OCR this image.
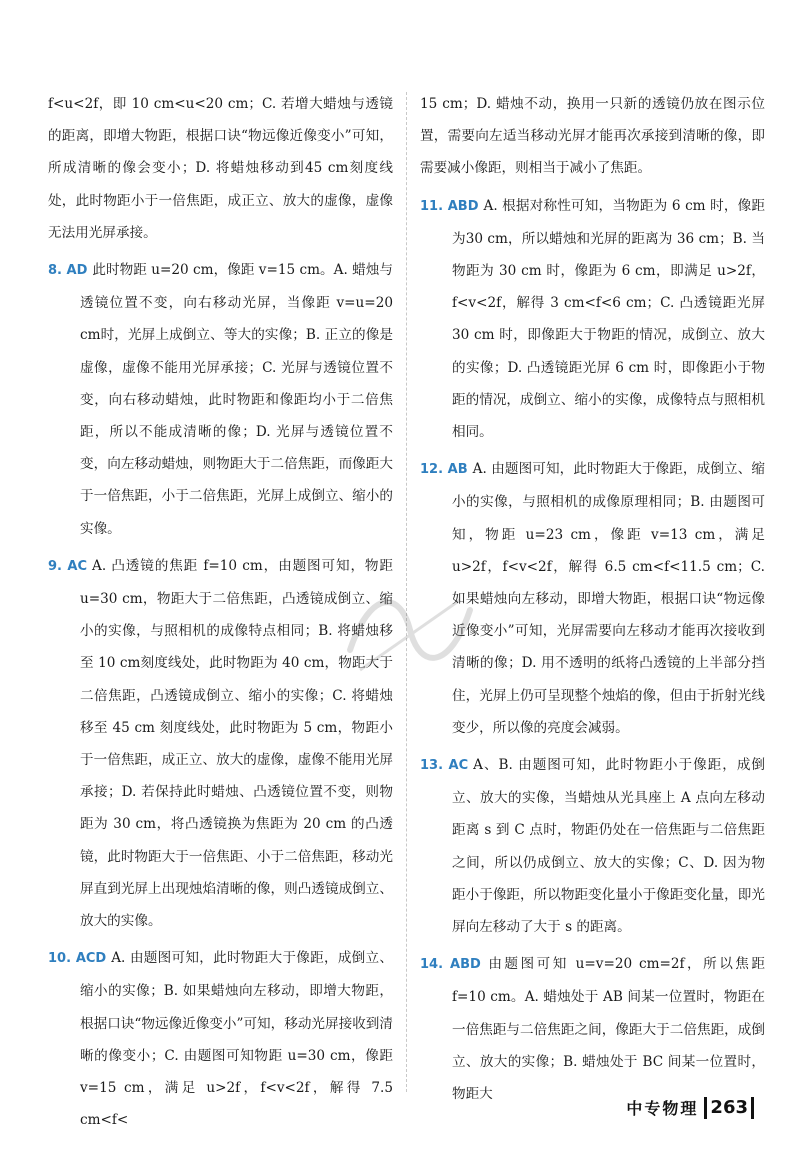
f<u<2f，即 10 cm<u<20 cm；C. 若增大蜡烛与透镜的距离，即增大物距，根据口诀“物远像近像变小”可知，所成清晰的像会变小；D. 将蜡烛移动到45 cm刻度线处，此时物距小于一倍焦距，成正立、放大的虚像，虚像无法用光屏承接。

8. AD 此时物距 u=20 cm，像距 v=15 cm。A. 蜡烛与透镜位置不变，向右移动光屏，当像距 v=u=20 cm时，光屏上成倒立、等大的实像；B. 正立的像是虚像，虚像不能用光屏承接；C. 光屏与透镜位置不变，向右移动蜡烛，此时物距和像距均小于二倍焦距，所以不能成清晰的像；D. 光屏与透镜位置不变，向左移动蜡烛，则物距大于二倍焦距，而像距大于一倍焦距，小于二倍焦距，光屏上成倒立、缩小的实像。

9. AC A. 凸透镜的焦距 f=10 cm，由题图可知，物距 u=30 cm，物距大于二倍焦距，凸透镜成倒立、缩小的实像，与照相机的成像特点相同；B. 将蜡烛移至 10 cm刻度线处，此时物距为 40 cm，物距大于二倍焦距，凸透镜成倒立、缩小的实像；C. 将蜡烛移至 45 cm 刻度线处，此时物距为 5 cm，物距小于一倍焦距，成正立、放大的虚像，虚像不能用光屏承接；D. 若保持此时蜡烛、凸透镜位置不变，则物距为 30 cm，将凸透镜换为焦距为 20 cm 的凸透镜，此时物距大于一倍焦距、小于二倍焦距，移动光屏直到光屏上出现烛焰清晰的像，则凸透镜成倒立、放大的实像。

10. ACD A. 由题图可知，此时物距大于像距，成倒立、缩小的实像；B. 如果蜡烛向左移动，即增大物距，根据口诀“物远像近像变小”可知，移动光屏接收到清晰的像变小；C. 由题图可知物距 u=30 cm，像距 v=15 cm，满足 u>2f，f<v<2f，解得 7.5 cm<f<

15 cm；D. 蜡烛不动，换用一只新的透镜仍放在图示位置，需要向左适当移动光屏才能再次承接到清晰的像，即需要减小像距，则相当于减小了焦距。

11. ABD A. 根据对称性可知，当物距为 6 cm 时，像距为30 cm，所以蜡烛和光屏的距离为 36 cm；B. 当物距为 30 cm 时，像距为 6 cm，即满足 u>2f，f<v<2f，解得 3 cm<f<6 cm；C. 凸透镜距光屏 30 cm 时，即像距大于物距的情况，成倒立、放大的实像；D. 凸透镜距光屏 6 cm 时，即像距小于物距的情况，成倒立、缩小的实像，成像特点与照相机相同。

12. AB A. 由题图可知，此时物距大于像距，成倒立、缩小的实像，与照相机的成像原理相同；B. 由题图可知，物距 u=23 cm，像距 v=13 cm，满足 u>2f，f<v<2f，解得 6.5 cm<f<11.5 cm；C. 如果蜡烛向左移动，即增大物距，根据口诀“物远像近像变小”可知，光屏需要向左移动才能再次接收到清晰的像；D. 用不透明的纸将凸透镜的上半部分挡住，光屏上仍可呈现整个烛焰的像，但由于折射光线变少，所以像的亮度会减弱。

13. AC A、B. 由题图可知，此时物距小于像距，成倒立、放大的实像，当蜡烛从光具座上 A 点向左移动距离 s 到 C 点时，物距仍处在一倍焦距与二倍焦距之间，所以仍成倒立、放大的实像；C、D. 因为物距小于像距，所以物距变化量小于像距变化量，即光屏向左移动了大于 s 的距离。

14. ABD 由题图可知 u=v=20 cm=2f，所以焦距 f=10 cm。A. 蜡烛处于 AB 间某一位置时，物距在一倍焦距与二倍焦距之间，像距大于二倍焦距，成倒立、放大的实像；B. 蜡烛处于 BC 间某一位置时，物距大

中专物理 263
